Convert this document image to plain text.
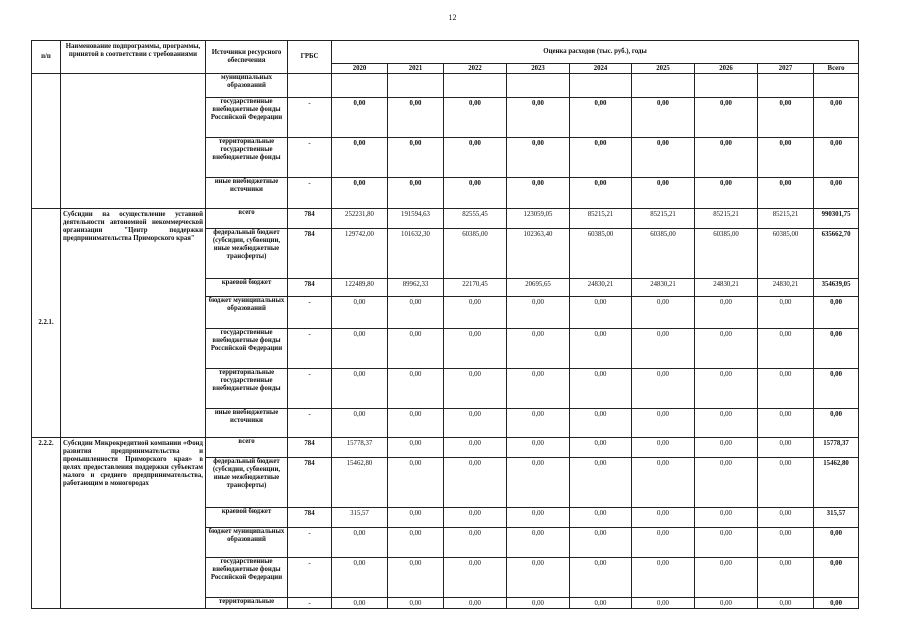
12
п/п	Наименование подпрограммы, программы, принятой в соответствии с требованиями	Источники ресурсного обеспечения	ГРБС	Оценка расходов (тыс. руб.), годы								
				2020	2021	2022	2023	2024	2025	2026	2027	Всего
		муниципальных образований										
		государственные внебюджетные фонды Российской Федерации	-	0,00	0,00	0,00	0,00	0,00	0,00	0,00	0,00	0,00
		территориальные государственные внебюджетные фонды	-	0,00	0,00	0,00	0,00	0,00	0,00	0,00	0,00	0,00
		иные внебюджетные источники	-	0,00	0,00	0,00	0,00	0,00	0,00	0,00	0,00	0,00
2.2.1.	Субсидии на осуществление уставной деятельности автономной некоммерческой организации "Центр поддержки предпринимательства Приморского края"	всего	784	252231,80	191594,63	82555,45	123059,05	85215,21	85215,21	85215,21	85215,21	990301,75
		федеральный бюджет (субсидии, субвенции, иные межбюджетные трансферты)	784	129742,00	101632,30	60385,00	102363,40	60385,00	60385,00	60385,00	60385,00	635662,70
		краевой бюджет	784	122489,80	89962,33	22170,45	20695,65	24830,21	24830,21	24830,21	24830,21	354639,05
		бюджет муниципальных образований	-	0,00	0,00	0,00	0,00	0,00	0,00	0,00	0,00	0,00
		государственные внебюджетные фонды Российской Федерации	-	0,00	0,00	0,00	0,00	0,00	0,00	0,00	0,00	0,00
		территориальные государственные внебюджетные фонды	-	0,00	0,00	0,00	0,00	0,00	0,00	0,00	0,00	0,00
		иные внебюджетные источники	-	0,00	0,00	0,00	0,00	0,00	0,00	0,00	0,00	0,00
2.2.2.	Субсидии Микрокредитной компании «Фонд развития предпринимательства и промышленности Приморского края» в целях предоставления поддержки субъектам малого и среднего предпринимательства, работающим в моногородах	всего	784	15778,37	0,00	0,00	0,00	0,00	0,00	0,00	0,00	15778,37
		федеральный бюджет (субсидии, субвенции, иные межбюджетные трансферты)	784	15462,80	0,00	0,00	0,00	0,00	0,00	0,00	0,00	15462,80
		краевой бюджет	784	315,57	0,00	0,00	0,00	0,00	0,00	0,00	0,00	315,57
		бюджет муниципальных образований	-	0,00	0,00	0,00	0,00	0,00	0,00	0,00	0,00	0,00
		государственные внебюджетные фонды Российской Федерации	-	0,00	0,00	0,00	0,00	0,00	0,00	0,00	0,00	0,00
		территориальные	-	0,00	0,00	0,00	0,00	0,00	0,00	0,00	0,00	0,00
